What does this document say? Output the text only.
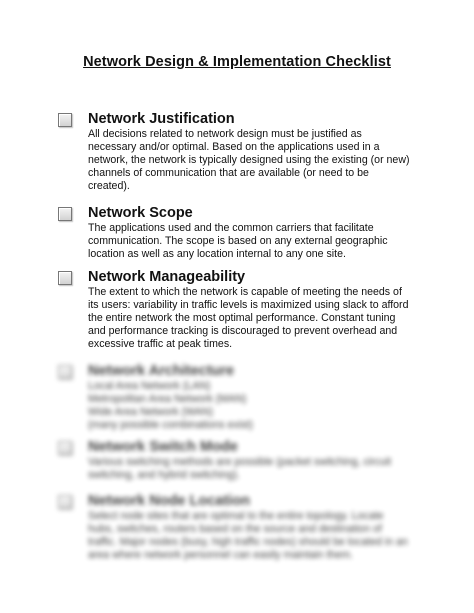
Network Design & Implementation Checklist
Network Justification
All decisions related to network design must be justified as
necessary and/or optimal. Based on the applications used in a
network, the network is typically designed using the existing (or new)
channels of communication that are available (or need to be
created).
Network Scope
The applications used and the common carriers that facilitate
communication. The scope is based on any external geographic
location as well as any location internal to any one site.
Network Manageability
The extent to which the network is capable of meeting the needs of
its users: variability in traffic levels is maximized using slack to afford
the entire network the most optimal performance. Constant tuning
and performance tracking is discouraged to prevent overhead and
excessive traffic at peak times.
Network Architecture
Local Area Network (LAN)
Metropolitan Area Network (MAN)
Wide Area Network (WAN)
(many possible combinations exist)
Network Switch Mode
Various switching methods are possible (packet switching, circuit
switching, and hybrid switching).
Network Node Location
Select node sites that are optimal to the entire topology. Locate
hubs, switches, routers based on the source and destination of
traffic. Major nodes (busy, high traffic nodes) should be located in an
area where network personnel can easily maintain them.
